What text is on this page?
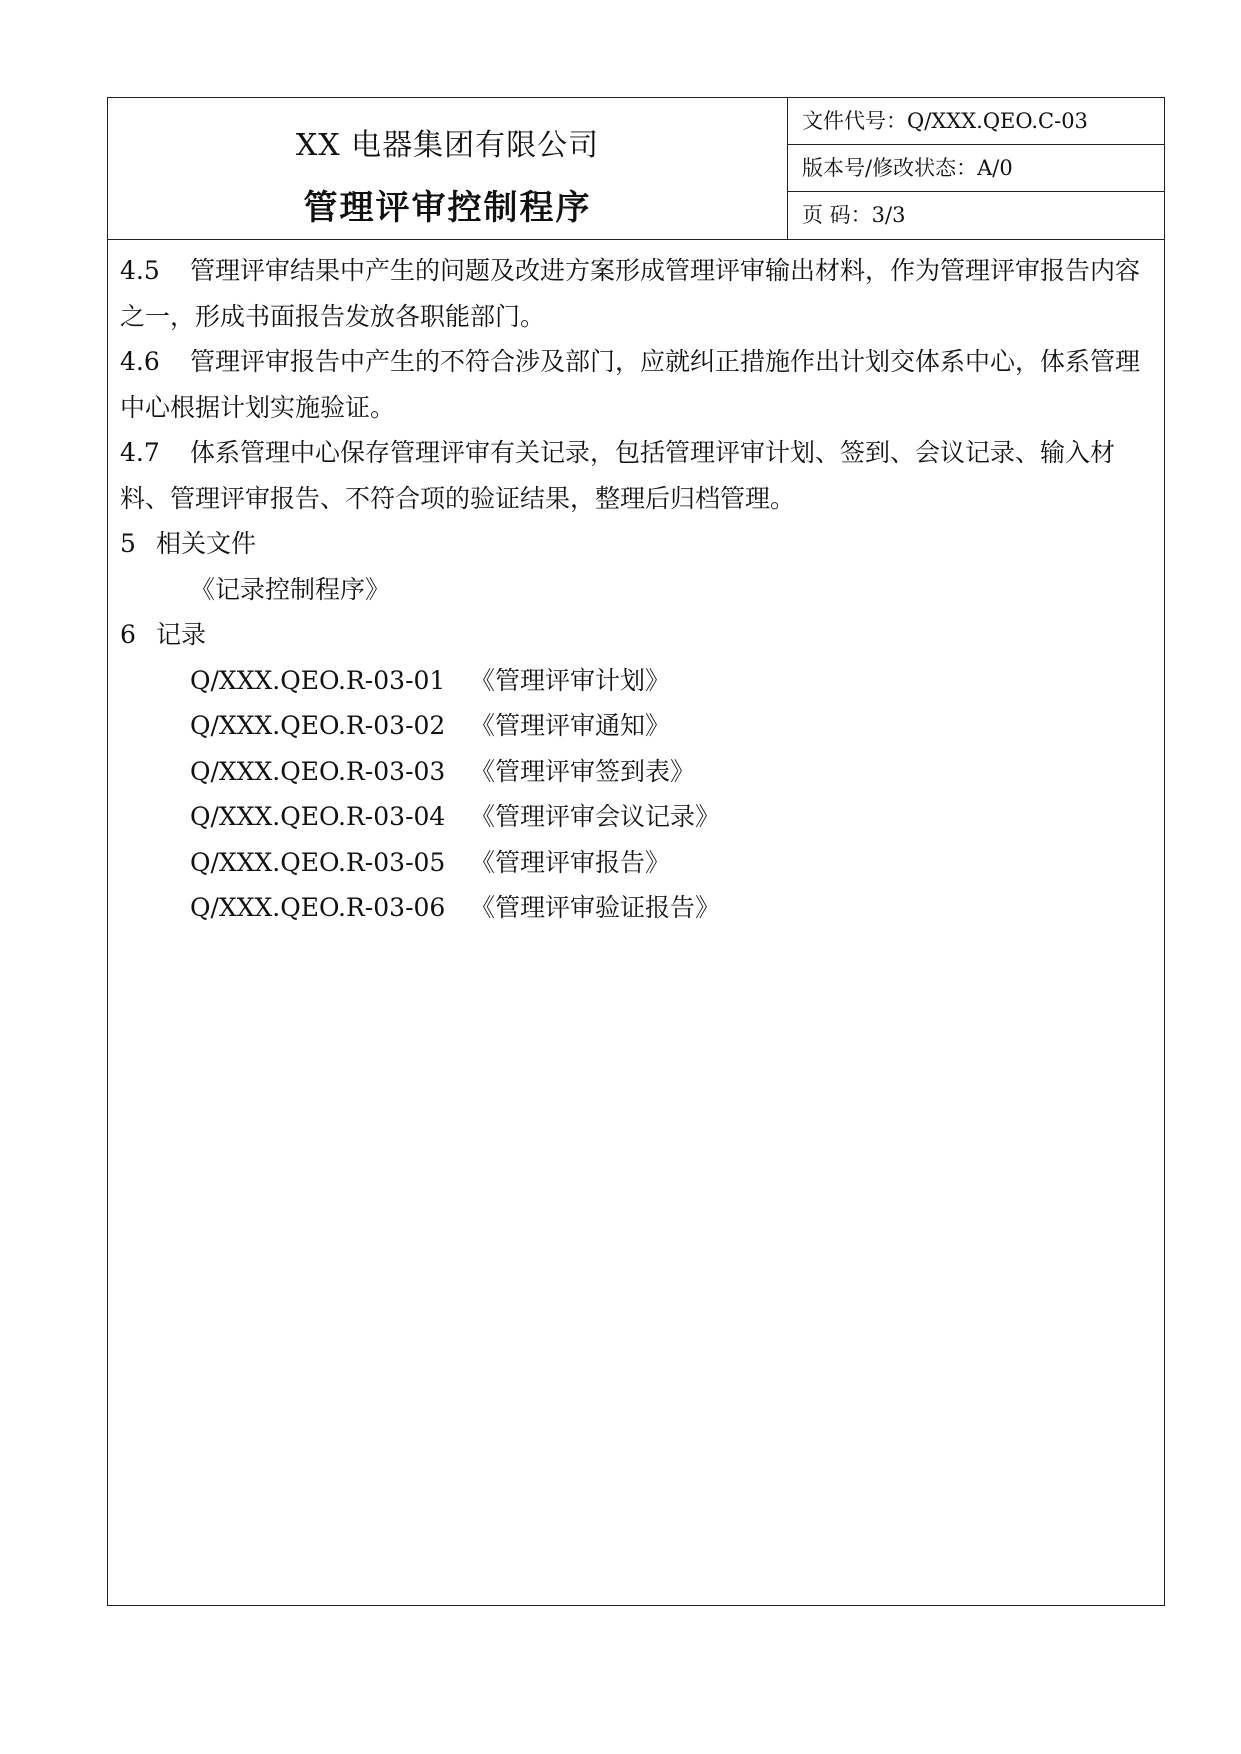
XX 电器集团有限公司
管理评审控制程序
文件代号：Q/XXX.QEO.C-03
版本号/修改状态：A/0
页 码：3/3

4.5 管理评审结果中产生的问题及改进方案形成管理评审输出材料，作为管理评审报告内容之一，形成书面报告发放各职能部门。

4.6 管理评审报告中产生的不符合涉及部门，应就纠正措施作出计划交体系中心，体系管理中心根据计划实施验证。

4.7 体系管理中心保存管理评审有关记录，包括管理评审计划、签到、会议记录、输入材料、管理评审报告、不符合项的验证结果，整理后归档管理。

5 相关文件

《记录控制程序》

6 记录

Q/XXX.QEO.R-03-01 《管理评审计划》

Q/XXX.QEO.R-03-02 《管理评审通知》

Q/XXX.QEO.R-03-03 《管理评审签到表》

Q/XXX.QEO.R-03-04 《管理评审会议记录》

Q/XXX.QEO.R-03-05 《管理评审报告》

Q/XXX.QEO.R-03-06 《管理评审验证报告》
